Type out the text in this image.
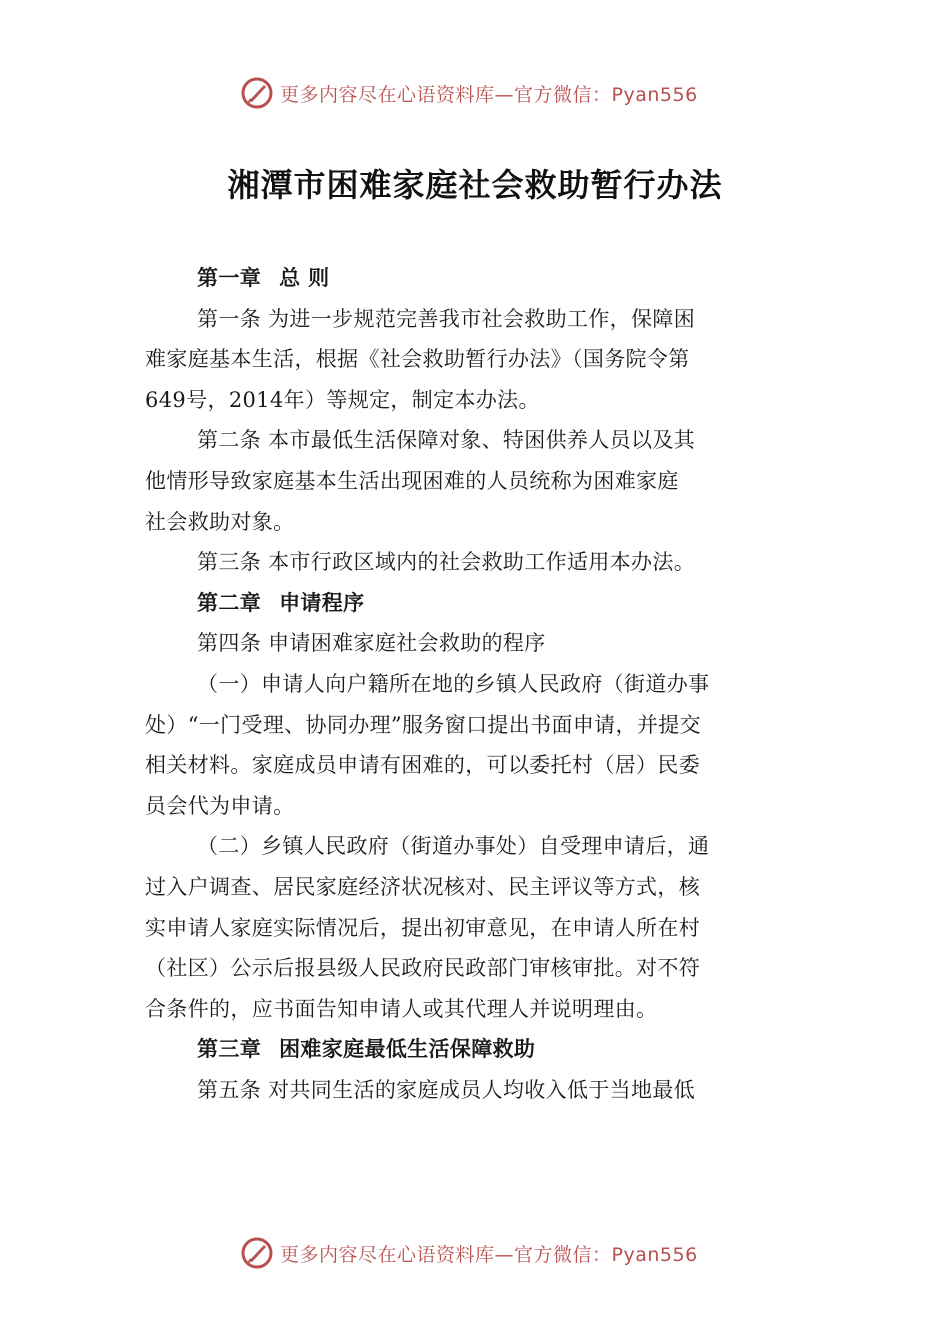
更多内容尽在心语资料库—官方微信：Pyan556
湘潭市困难家庭社会救助暂行办法
第一章 总 则
第一条 为进一步规范完善我市社会救助工作，保障困
难家庭基本生活，根据《社会救助暂行办法》（国务院令第
649号，2014年）等规定，制定本办法。
第二条 本市最低生活保障对象、特困供养人员以及其
他情形导致家庭基本生活出现困难的人员统称为困难家庭
社会救助对象。
第三条 本市行政区域内的社会救助工作适用本办法。
第二章 申请程序
第四条 申请困难家庭社会救助的程序
（一）申请人向户籍所在地的乡镇人民政府（街道办事
处）“一门受理、协同办理”服务窗口提出书面申请，并提交
相关材料。家庭成员申请有困难的，可以委托村（居）民委
员会代为申请。
（二）乡镇人民政府（街道办事处）自受理申请后，通
过入户调查、居民家庭经济状况核对、民主评议等方式，核
实申请人家庭实际情况后，提出初审意见，在申请人所在村
（社区）公示后报县级人民政府民政部门审核审批。对不符
合条件的，应书面告知申请人或其代理人并说明理由。
第三章 困难家庭最低生活保障救助
第五条 对共同生活的家庭成员人均收入低于当地最低
更多内容尽在心语资料库—官方微信：Pyan556
